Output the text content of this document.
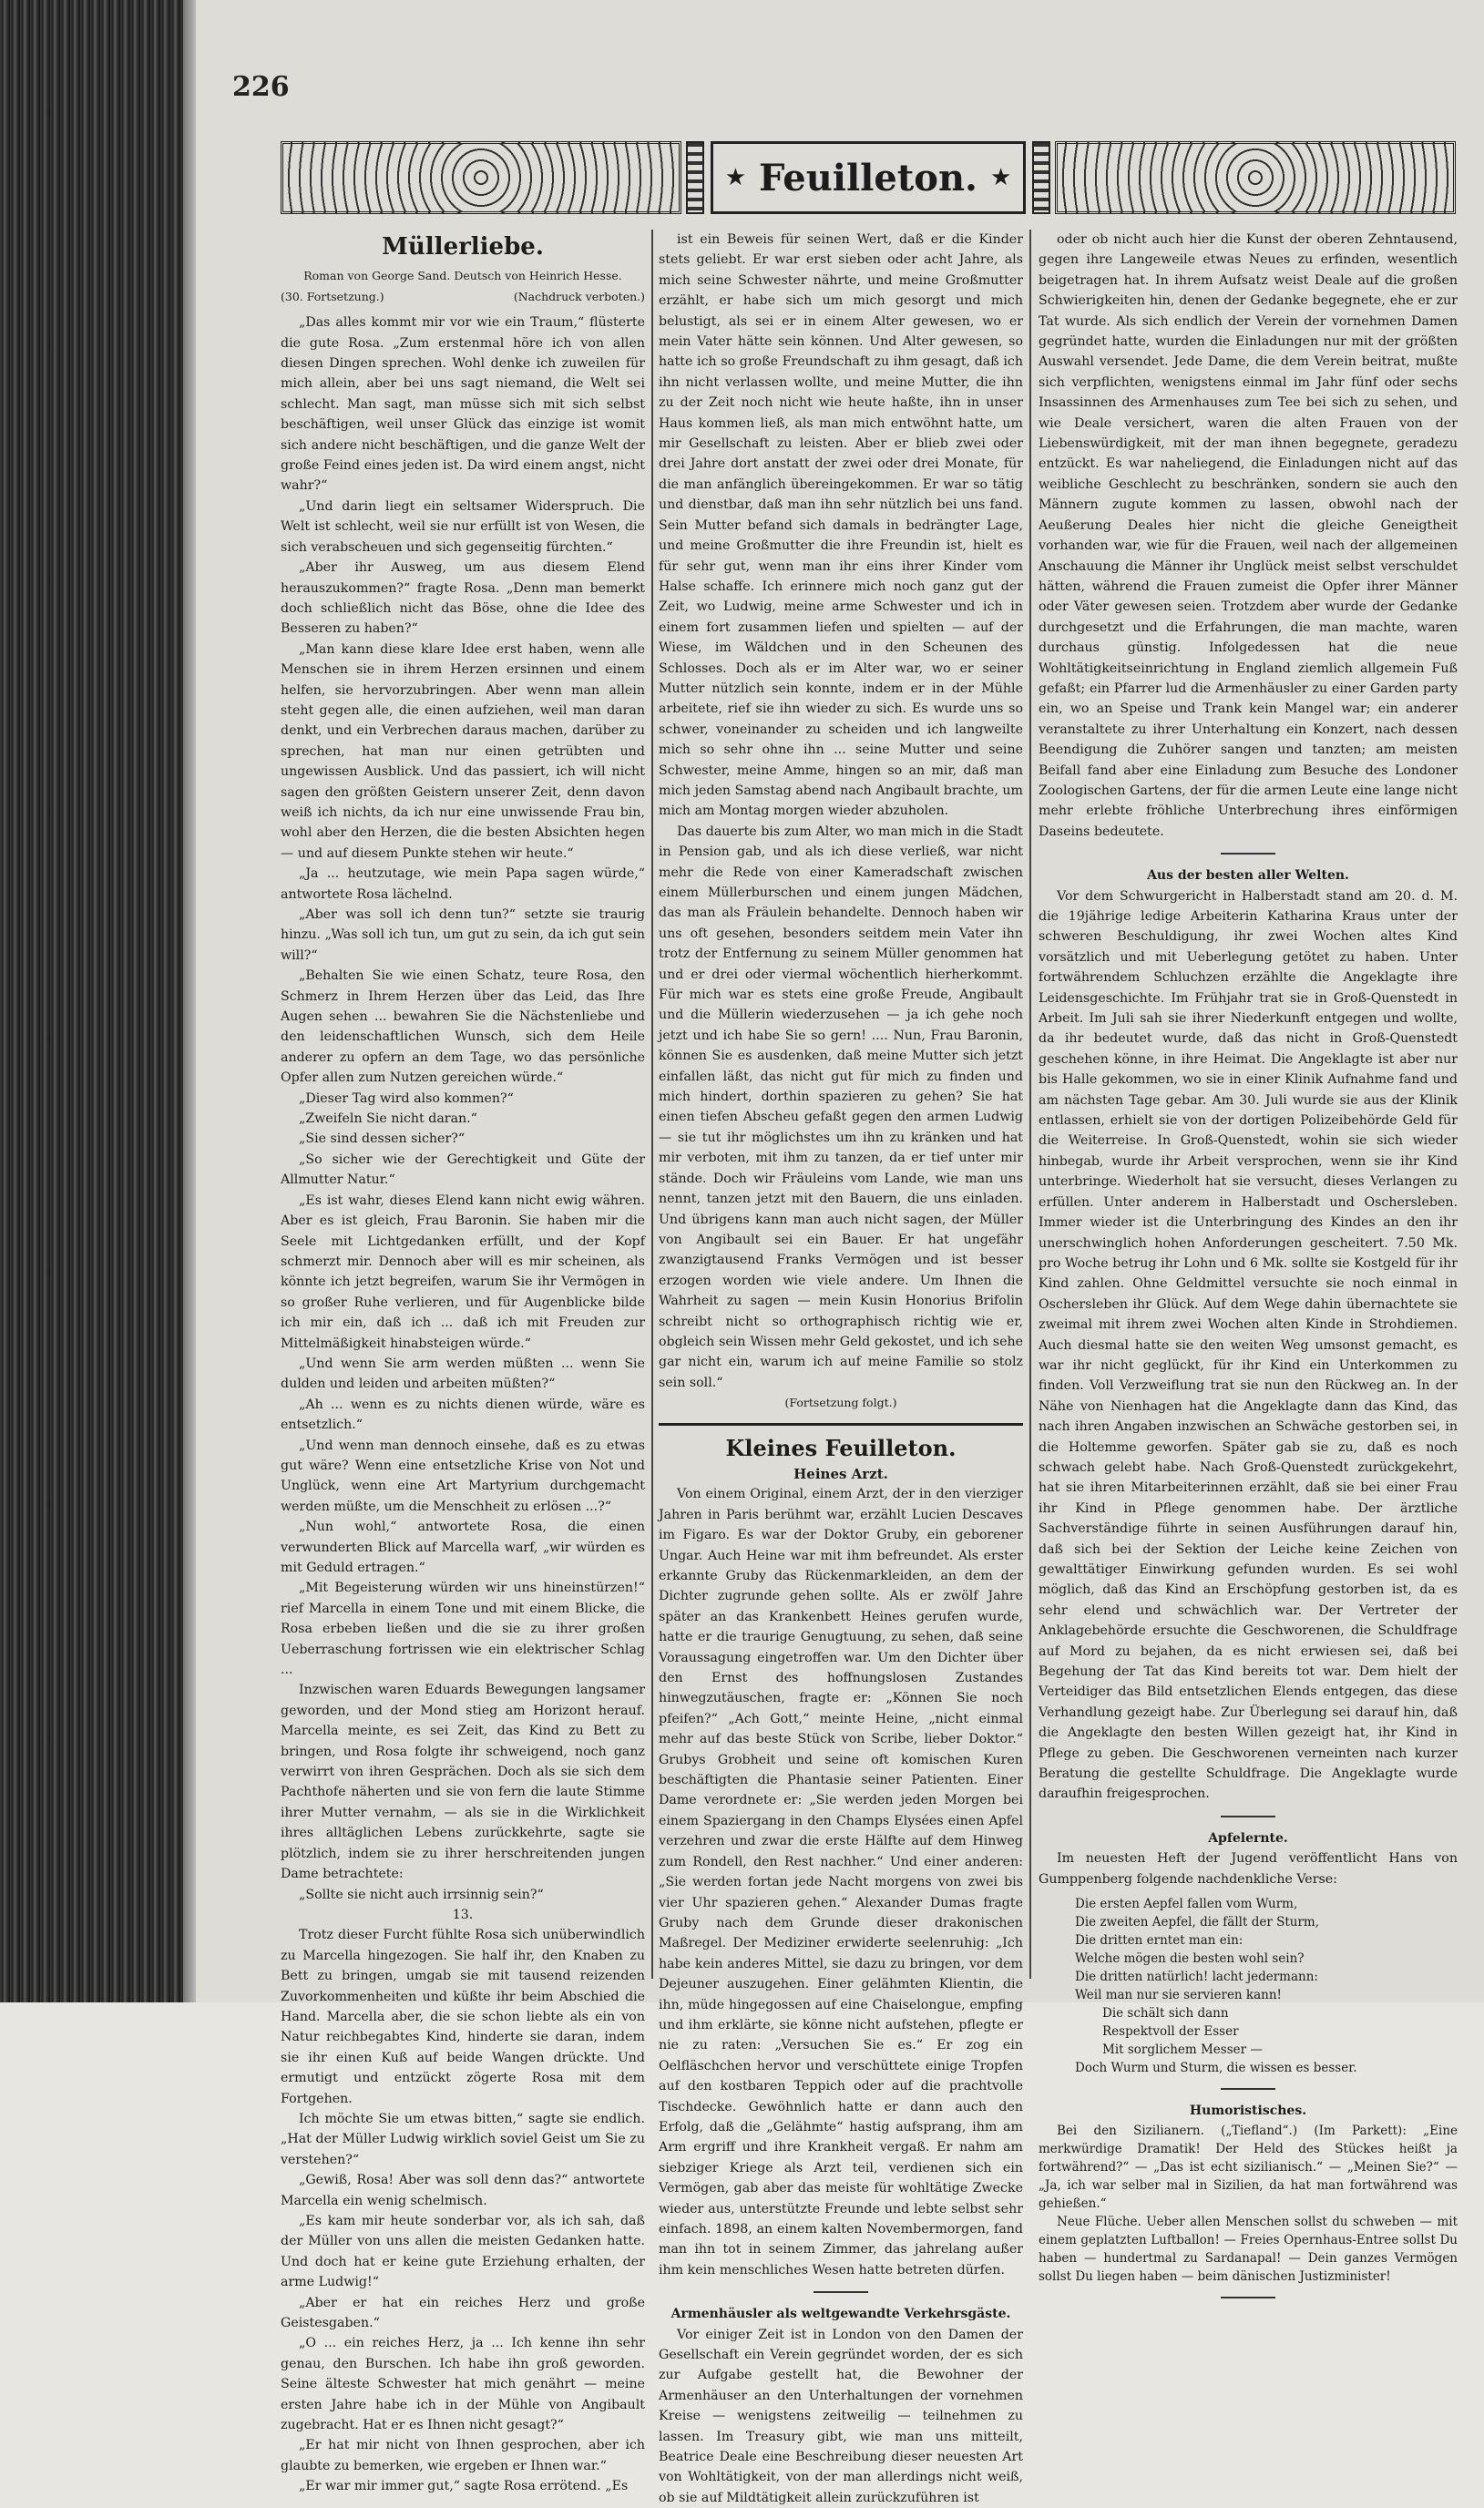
226
★ Feuilleton. ★
Müllerliebe.

Roman von George Sand. Deutsch von Heinrich Hesse.

(30. Fortsetzung.)	(Nachdruck verboten.)

„Das alles kommt mir vor wie ein Traum,“ flüsterte die gute Rosa. „Zum erstenmal höre ich von allen diesen Dingen sprechen. Wohl denke ich zuweilen für mich allein, aber bei uns sagt niemand, die Welt sei schlecht. Man sagt, man müsse sich mit sich selbst beschäftigen, weil unser Glück das einzige ist womit sich andere nicht beschäftigen, und die ganze Welt der große Feind eines jeden ist. Da wird einem angst, nicht wahr?“

„Und darin liegt ein seltsamer Widerspruch. Die Welt ist schlecht, weil sie nur erfüllt ist von Wesen, die sich verabscheuen und sich gegenseitig fürchten.“

„Aber ihr Ausweg, um aus diesem Elend herauszukommen?“ fragte Rosa. „Denn man bemerkt doch schließlich nicht das Böse, ohne die Idee des Besseren zu haben?“

„Man kann diese klare Idee erst haben, wenn alle Menschen sie in ihrem Herzen ersinnen und einem helfen, sie hervorzubringen. Aber wenn man allein steht gegen alle, die einen aufziehen, weil man daran denkt, und ein Verbrechen daraus machen, darüber zu sprechen, hat man nur einen getrübten und ungewissen Ausblick. Und das passiert, ich will nicht sagen den größten Geistern unserer Zeit, denn davon weiß ich nichts, da ich nur eine unwissende Frau bin, wohl aber den Herzen, die die besten Absichten hegen — und auf diesem Punkte stehen wir heute.“

„Ja ... heutzutage, wie mein Papa sagen würde,“ antwortete Rosa lächelnd.

„Aber was soll ich denn tun?“ setzte sie traurig hinzu. „Was soll ich tun, um gut zu sein, da ich gut sein will?“

„Behalten Sie wie einen Schatz, teure Rosa, den Schmerz in Ihrem Herzen über das Leid, das Ihre Augen sehen ... bewahren Sie die Nächstenliebe und den leidenschaftlichen Wunsch, sich dem Heile anderer zu opfern an dem Tage, wo das persönliche Opfer allen zum Nutzen gereichen würde.“

„Dieser Tag wird also kommen?“

„Zweifeln Sie nicht daran.“

„Sie sind dessen sicher?“

„So sicher wie der Gerechtigkeit und Güte der Allmutter Natur.“

„Es ist wahr, dieses Elend kann nicht ewig währen. Aber es ist gleich, Frau Baronin. Sie haben mir die Seele mit Lichtgedanken erfüllt, und der Kopf schmerzt mir. Dennoch aber will es mir scheinen, als könnte ich jetzt begreifen, warum Sie ihr Vermögen in so großer Ruhe verlieren, und für Augenblicke bilde ich mir ein, daß ich ... daß ich mit Freuden zur Mittelmäßigkeit hinabsteigen würde.“

„Und wenn Sie arm werden müßten ... wenn Sie dulden und leiden und arbeiten müßten?“

„Ah ... wenn es zu nichts dienen würde, wäre es entsetzlich.“

„Und wenn man dennoch einsehe, daß es zu etwas gut wäre? Wenn eine entsetzliche Krise von Not und Unglück, wenn eine Art Martyrium durchgemacht werden müßte, um die Menschheit zu erlösen ...?“

„Nun wohl,“ antwortete Rosa, die einen verwunderten Blick auf Marcella warf, „wir würden es mit Geduld ertragen.“

„Mit Begeisterung würden wir uns hineinstürzen!“ rief Marcella in einem Tone und mit einem Blicke, die Rosa erbeben ließen und die sie zu ihrer großen Ueberraschung fortrissen wie ein elektrischer Schlag ...

Inzwischen waren Eduards Bewegungen langsamer geworden, und der Mond stieg am Horizont herauf. Marcella meinte, es sei Zeit, das Kind zu Bett zu bringen, und Rosa folgte ihr schweigend, noch ganz verwirrt von ihren Gesprächen. Doch als sie sich dem Pachthofe näherten und sie von fern die laute Stimme ihrer Mutter vernahm, — als sie in die Wirklichkeit ihres alltäglichen Lebens zurückkehrte, sagte sie plötzlich, indem sie zu ihrer herschreitenden jungen Dame betrachtete:

„Sollte sie nicht auch irrsinnig sein?“

13.

Trotz dieser Furcht fühlte Rosa sich unüberwindlich zu Marcella hingezogen. Sie half ihr, den Knaben zu Bett zu bringen, umgab sie mit tausend reizenden Zuvorkommenheiten und küßte ihr beim Abschied die Hand. Marcella aber, die sie schon liebte als ein von Natur reichbegabtes Kind, hinderte sie daran, indem sie ihr einen Kuß auf beide Wangen drückte. Und ermutigt und entzückt zögerte Rosa mit dem Fortgehen.

Ich möchte Sie um etwas bitten,“ sagte sie endlich. „Hat der Müller Ludwig wirklich soviel Geist um Sie zu verstehen?“

„Gewiß, Rosa! Aber was soll denn das?“ antwortete Marcella ein wenig schelmisch.

„Es kam mir heute sonderbar vor, als ich sah, daß der Müller von uns allen die meisten Gedanken hatte. Und doch hat er keine gute Erziehung erhalten, der arme Ludwig!“

„Aber er hat ein reiches Herz und große Geistesgaben.“

„O ... ein reiches Herz, ja ... Ich kenne ihn sehr genau, den Burschen. Ich habe ihn groß geworden. Seine älteste Schwester hat mich genährt — meine ersten Jahre habe ich in der Mühle von Angibault zugebracht. Hat er es Ihnen nicht gesagt?“

„Er hat mir nicht von Ihnen gesprochen, aber ich glaubte zu bemerken, wie ergeben er Ihnen war.“

„Er war mir immer gut,“ sagte Rosa errötend. „Es

ist ein Beweis für seinen Wert, daß er die Kinder stets geliebt. Er war erst sieben oder acht Jahre, als mich seine Schwester nährte, und meine Großmutter erzählt, er habe sich um mich gesorgt und mich belustigt, als sei er in einem Alter gewesen, wo er mein Vater hätte sein können. Und Alter gewesen, so hatte ich so große Freundschaft zu ihm gesagt, daß ich ihn nicht verlassen wollte, und meine Mutter, die ihn zu der Zeit noch nicht wie heute haßte, ihn in unser Haus kommen ließ, als man mich entwöhnt hatte, um mir Gesellschaft zu leisten. Aber er blieb zwei oder drei Jahre dort anstatt der zwei oder drei Monate, für die man anfänglich übereingekommen. Er war so tätig und dienstbar, daß man ihn sehr nützlich bei uns fand. Sein Mutter befand sich damals in bedrängter Lage, und meine Großmutter die ihre Freundin ist, hielt es für sehr gut, wenn man ihr eins ihrer Kinder vom Halse schaffe. Ich erinnere mich noch ganz gut der Zeit, wo Ludwig, meine arme Schwester und ich in einem fort zusammen liefen und spielten — auf der Wiese, im Wäldchen und in den Scheunen des Schlosses. Doch als er im Alter war, wo er seiner Mutter nützlich sein konnte, indem er in der Mühle arbeitete, rief sie ihn wieder zu sich. Es wurde uns so schwer, voneinander zu scheiden und ich langweilte mich so sehr ohne ihn ... seine Mutter und seine Schwester, meine Amme, hingen so an mir, daß man mich jeden Samstag abend nach Angibault brachte, um mich am Montag morgen wieder abzuholen.

Das dauerte bis zum Alter, wo man mich in die Stadt in Pension gab, und als ich diese verließ, war nicht mehr die Rede von einer Kameradschaft zwischen einem Müllerburschen und einem jungen Mädchen, das man als Fräulein behandelte. Dennoch haben wir uns oft gesehen, besonders seitdem mein Vater ihn trotz der Entfernung zu seinem Müller genommen hat und er drei oder viermal wöchentlich hierherkommt. Für mich war es stets eine große Freude, Angibault und die Müllerin wiederzusehen — ja ich gehe noch jetzt und ich habe Sie so gern! .... Nun, Frau Baronin, können Sie es ausdenken, daß meine Mutter sich jetzt einfallen läßt, das nicht gut für mich zu finden und mich hindert, dorthin spazieren zu gehen? Sie hat einen tiefen Abscheu gefaßt gegen den armen Ludwig — sie tut ihr möglichstes um ihn zu kränken und hat mir verboten, mit ihm zu tanzen, da er tief unter mir stände. Doch wir Fräuleins vom Lande, wie man uns nennt, tanzen jetzt mit den Bauern, die uns einladen. Und übrigens kann man auch nicht sagen, der Müller von Angibault sei ein Bauer. Er hat ungefähr zwanzigtausend Franks Vermögen und ist besser erzogen worden wie viele andere. Um Ihnen die Wahrheit zu sagen — mein Kusin Honorius Brifolin schreibt nicht so orthographisch richtig wie er, obgleich sein Wissen mehr Geld gekostet, und ich sehe gar nicht ein, warum ich auf meine Familie so stolz sein soll.“

(Fortsetzung folgt.)

Kleines Feuilleton.

Heines Arzt.

Von einem Original, einem Arzt, der in den vierziger Jahren in Paris berühmt war, erzählt Lucien Descaves im Figaro. Es war der Doktor Gruby, ein geborener Ungar. Auch Heine war mit ihm befreundet. Als erster erkannte Gruby das Rückenmarkleiden, an dem der Dichter zugrunde gehen sollte. Als er zwölf Jahre später an das Krankenbett Heines gerufen wurde, hatte er die traurige Genugtuung, zu sehen, daß seine Voraussagung eingetroffen war. Um den Dichter über den Ernst des hoffnungslosen Zustandes hinwegzutäuschen, fragte er: „Können Sie noch pfeifen?“ „Ach Gott,“ meinte Heine, „nicht einmal mehr auf das beste Stück von Scribe, lieber Doktor.“ Grubys Grobheit und seine oft komischen Kuren beschäftigten die Phantasie seiner Patienten. Einer Dame verordnete er: „Sie werden jeden Morgen bei einem Spaziergang in den Champs Elysées einen Apfel verzehren und zwar die erste Hälfte auf dem Hinweg zum Rondell, den Rest nachher.“ Und einer anderen: „Sie werden fortan jede Nacht morgens von zwei bis vier Uhr spazieren gehen.“ Alexander Dumas fragte Gruby nach dem Grunde dieser drakonischen Maßregel. Der Mediziner erwiderte seelenruhig: „Ich habe kein anderes Mittel, sie dazu zu bringen, vor dem Dejeuner auszugehen. Einer gelähmten Klientin, die ihn, müde hingegossen auf eine Chaiselongue, empfing und ihm erklärte, sie könne nicht aufstehen, pflegte er nie zu raten: „Versuchen Sie es.“ Er zog ein Oelfläschchen hervor und verschüttete einige Tropfen auf den kostbaren Teppich oder auf die prachtvolle Tischdecke. Gewöhnlich hatte er dann auch den Erfolg, daß die „Gelähmte“ hastig aufsprang, ihm am Arm ergriff und ihre Krankheit vergaß. Er nahm am siebziger Kriege als Arzt teil, verdienen sich ein Vermögen, gab aber das meiste für wohltätige Zwecke wieder aus, unterstützte Freunde und lebte selbst sehr einfach. 1898, an einem kalten Novembermorgen, fand man ihn tot in seinem Zimmer, das jahrelang außer ihm kein menschliches Wesen hatte betreten dürfen.

Armenhäusler als weltgewandte Verkehrsgäste.

Vor einiger Zeit ist in London von den Damen der Gesellschaft ein Verein gegründet worden, der es sich zur Aufgabe gestellt hat, die Bewohner der Armenhäuser an den Unterhaltungen der vornehmen Kreise — wenigstens zeitweilig — teilnehmen zu lassen. Im Treasury gibt, wie man uns mitteilt, Beatrice Deale eine Beschreibung dieser neuesten Art von Wohltätigkeit, von der man allerdings nicht weiß, ob sie auf Mildtätigkeit allein zurückzuführen ist

oder ob nicht auch hier die Kunst der oberen Zehntausend, gegen ihre Langeweile etwas Neues zu erfinden, wesentlich beigetragen hat. In ihrem Aufsatz weist Deale auf die großen Schwierigkeiten hin, denen der Gedanke begegnete, ehe er zur Tat wurde. Als sich endlich der Verein der vornehmen Damen gegründet hatte, wurden die Einladungen nur mit der größten Auswahl versendet. Jede Dame, die dem Verein beitrat, mußte sich verpflichten, wenigstens einmal im Jahr fünf oder sechs Insassinnen des Armenhauses zum Tee bei sich zu sehen, und wie Deale versichert, waren die alten Frauen von der Liebenswürdigkeit, mit der man ihnen begegnete, geradezu entzückt. Es war naheliegend, die Einladungen nicht auf das weibliche Geschlecht zu beschränken, sondern sie auch den Männern zugute kommen zu lassen, obwohl nach der Aeußerung Deales hier nicht die gleiche Geneigtheit vorhanden war, wie für die Frauen, weil nach der allgemeinen Anschauung die Männer ihr Unglück meist selbst verschuldet hätten, während die Frauen zumeist die Opfer ihrer Männer oder Väter gewesen seien. Trotzdem aber wurde der Gedanke durchgesetzt und die Erfahrungen, die man machte, waren durchaus günstig. Infolgedessen hat die neue Wohltätigkeitseinrichtung in England ziemlich allgemein Fuß gefaßt; ein Pfarrer lud die Armenhäusler zu einer Garden party ein, wo an Speise und Trank kein Mangel war; ein anderer veranstaltete zu ihrer Unterhaltung ein Konzert, nach dessen Beendigung die Zuhörer sangen und tanzten; am meisten Beifall fand aber eine Einladung zum Besuche des Londoner Zoologischen Gartens, der für die armen Leute eine lange nicht mehr erlebte fröhliche Unterbrechung ihres einförmigen Daseins bedeutete.

Aus der besten aller Welten.

Vor dem Schwurgericht in Halberstadt stand am 20. d. M. die 19jährige ledige Arbeiterin Katharina Kraus unter der schweren Beschuldigung, ihr zwei Wochen altes Kind vorsätzlich und mit Ueberlegung getötet zu haben. Unter fortwährendem Schluchzen erzählte die Angeklagte ihre Leidensgeschichte. Im Frühjahr trat sie in Groß-Quenstedt in Arbeit. Im Juli sah sie ihrer Niederkunft entgegen und wollte, da ihr bedeutet wurde, daß das nicht in Groß-Quenstedt geschehen könne, in ihre Heimat. Die Angeklagte ist aber nur bis Halle gekommen, wo sie in einer Klinik Aufnahme fand und am nächsten Tage gebar. Am 30. Juli wurde sie aus der Klinik entlassen, erhielt sie von der dortigen Polizeibehörde Geld für die Weiterreise. In Groß-Quenstedt, wohin sie sich wieder hinbegab, wurde ihr Arbeit versprochen, wenn sie ihr Kind unterbringe. Wiederholt hat sie versucht, dieses Verlangen zu erfüllen. Unter anderem in Halberstadt und Oschersleben. Immer wieder ist die Unterbringung des Kindes an den ihr unerschwinglich hohen Anforderungen gescheitert. 7.50 Mk. pro Woche betrug ihr Lohn und 6 Mk. sollte sie Kostgeld für ihr Kind zahlen. Ohne Geldmittel versuchte sie noch einmal in Oschersleben ihr Glück. Auf dem Wege dahin übernachtete sie zweimal mit ihrem zwei Wochen alten Kinde in Strohdiemen. Auch diesmal hatte sie den weiten Weg umsonst gemacht, es war ihr nicht geglückt, für ihr Kind ein Unterkommen zu finden. Voll Verzweiflung trat sie nun den Rückweg an. In der Nähe von Nienhagen hat die Angeklagte dann das Kind, das nach ihren Angaben inzwischen an Schwäche gestorben sei, in die Holtemme geworfen. Später gab sie zu, daß es noch schwach gelebt habe. Nach Groß-Quenstedt zurückgekehrt, hat sie ihren Mitarbeiterinnen erzählt, daß sie bei einer Frau ihr Kind in Pflege genommen habe. Der ärztliche Sachverständige führte in seinen Ausführungen darauf hin, daß sich bei der Sektion der Leiche keine Zeichen von gewalttätiger Einwirkung gefunden wurden. Es sei wohl möglich, daß das Kind an Erschöpfung gestorben ist, da es sehr elend und schwächlich war. Der Vertreter der Anklagebehörde ersuchte die Geschworenen, die Schuldfrage auf Mord zu bejahen, da es nicht erwiesen sei, daß bei Begehung der Tat das Kind bereits tot war. Dem hielt der Verteidiger das Bild entsetzlichen Elends entgegen, das diese Verhandlung gezeigt habe. Zur Überlegung sei darauf hin, daß die Angeklagte den besten Willen gezeigt hat, ihr Kind in Pflege zu geben. Die Geschworenen verneinten nach kurzer Beratung die gestellte Schuldfrage. Die Angeklagte wurde daraufhin freigesprochen.

Apfelernte.

Im neuesten Heft der Jugend veröffentlicht Hans von Gumppenberg folgende nachdenkliche Verse:

Die ersten Aepfel fallen vom Wurm,
Die zweiten Aepfel, die fällt der Sturm,
Die dritten erntet man ein:
Welche mögen die besten wohl sein?
Die dritten natürlich! lacht jedermann:
Weil man nur sie servieren kann!
Die schält sich dann
Respektvoll der Esser
Mit sorglichem Messer —
Doch Wurm und Sturm, die wissen es besser.

Humoristisches.

Bei den Sizilianern. („Tiefland“.) (Im Parkett): „Eine merkwürdige Dramatik! Der Held des Stückes heißt ja fortwährend?“ — „Das ist echt sizilianisch.“ — „Meinen Sie?“ — „Ja, ich war selber mal in Sizilien, da hat man fortwährend was gehießen.“

Neue Flüche. Ueber allen Menschen sollst du schweben — mit einem geplatzten Luftballon! — Freies Opernhaus-Entree sollst Du haben — hundertmal zu Sardanapal! — Dein ganzes Vermögen sollst Du liegen haben — beim dänischen Justizminister!
